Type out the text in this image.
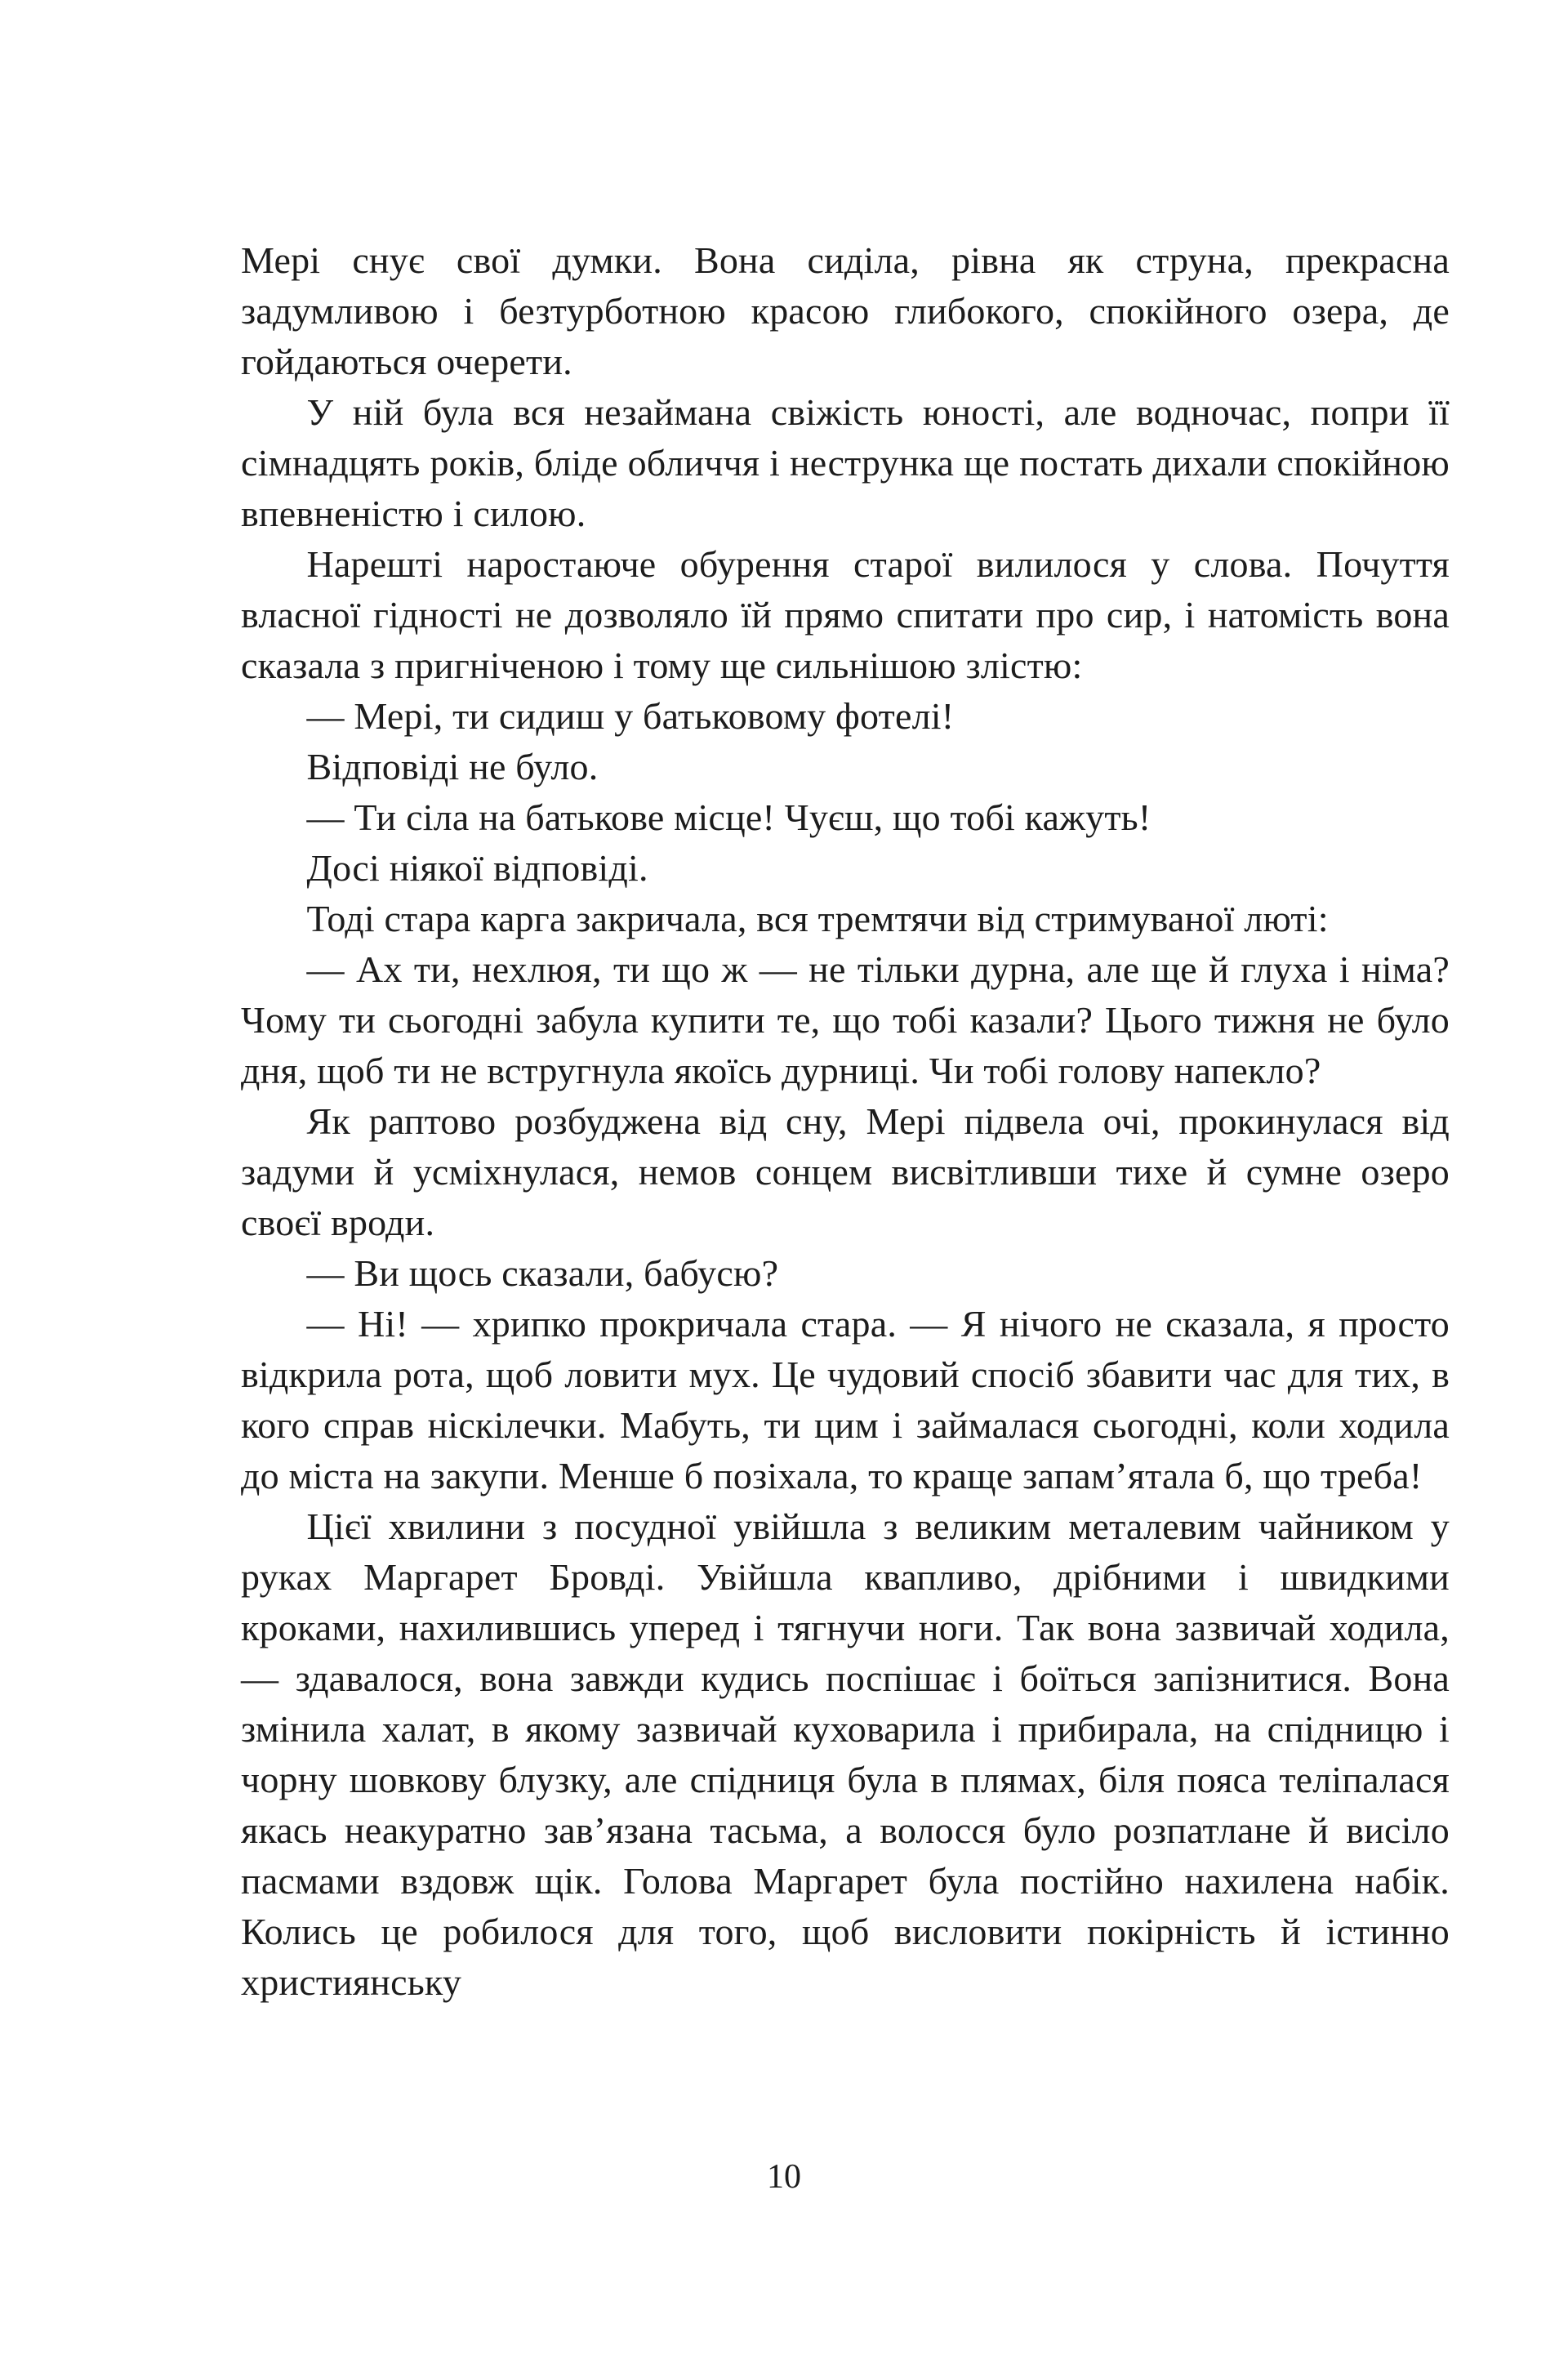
Мері снує свої думки. Вона сиділа, рівна як струна, прекрасна задумливою і безтурботною красою глибокого, спокійного озера, де гойдаються очерети.

У ній була вся незаймана свіжість юності, але водночас, попри її сімнадцять років, бліде обличчя і неструнка ще постать дихали спокійною впевненістю і силою.

Нарешті наростаюче обурення старої вилилося у слова. Почуття власної гідності не дозволяло їй прямо спитати про сир, і натомість вона сказала з пригніченою і тому ще сильнішою злістю:

— Мері, ти сидиш у батьковому фотелі!

Відповіді не було.

— Ти сіла на батькове місце! Чуєш, що тобі кажуть!

Досі ніякої відповіді.

Тоді стара карга закричала, вся тремтячи від стримуваної люті:

— Ах ти, нехлюя, ти що ж — не тільки дурна, але ще й глуха і німа? Чому ти сьогодні забула купити те, що тобі казали? Цього тижня не було дня, щоб ти не встругнула якоїсь дурниці. Чи тобі голову напекло?

Як раптово розбуджена від сну, Мері підвела очі, прокинулася від задуми й усміхнулася, немов сонцем висвітливши тихе й сумне озеро своєї вроди.

— Ви щось сказали, бабусю?

— Ні! — хрипко прокричала стара. — Я нічого не сказала, я просто відкрила рота, щоб ловити мух. Це чудовий спосіб збавити час для тих, в кого справ ніскілечки. Мабуть, ти цим і займалася сьогодні, коли ходила до міста на закупи. Менше б позіхала, то краще запам’ятала б, що треба!

Цієї хвилини з посудної увійшла з великим металевим чайником у руках Маргарет Бровді. Увійшла квапливо, дрібними і швидкими кроками, нахилившись уперед і тягнучи ноги. Так вона зазвичай ходила, — здавалося, вона завжди кудись поспішає і боїться запізнитися. Вона змінила халат, в якому зазвичай куховарила і прибирала, на спідницю і чорну шовкову блузку, але спідниця була в плямах, біля пояса теліпалася якась неакуратно зав’язана тасьма, а волосся було розпатлане й висіло пасмами вздовж щік. Голова Маргарет була постійно нахилена набік. Колись це робилося для того, щоб висловити покірність й істинно християнську

10
